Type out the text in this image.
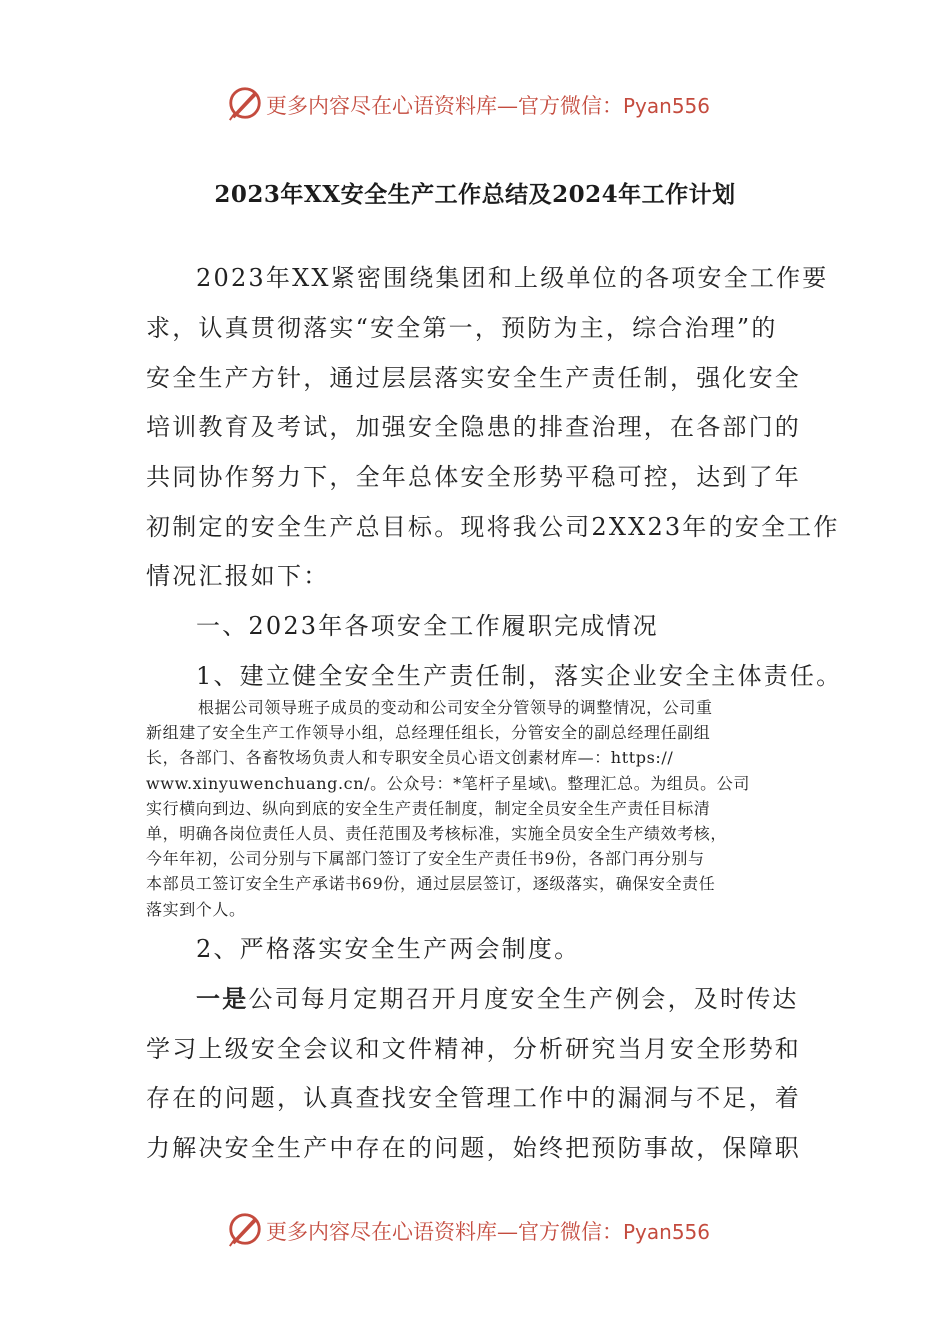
更多内容尽在心语资料库—官方微信：Pyan556
2023年XX安全生产工作总结及2024年工作计划
2023年XX紧密围绕集团和上级单位的各项安全工作要
求，认真贯彻落实“安全第一，预防为主，综合治理”的
安全生产方针，通过层层落实安全生产责任制，强化安全
培训教育及考试，加强安全隐患的排查治理，在各部门的
共同协作努力下，全年总体安全形势平稳可控，达到了年
初制定的安全生产总目标。现将我公司2XX23年的安全工作
情况汇报如下：
一、2023年各项安全工作履职完成情况
1、建立健全安全生产责任制，落实企业安全主体责任。
根据公司领导班子成员的变动和公司安全分管领导的调整情况，公司重
新组建了安全生产工作领导小组，总经理任组长，分管安全的副总经理任副组
长，各部门、各畜牧场负责人和专职安全员心语文创素材库—：https://
www.xinyuwenchuang.cn/。公众号：*笔杆子星域\。整理汇总。为组员。公司
实行横向到边、纵向到底的安全生产责任制度，制定全员安全生产责任目标清
单，明确各岗位责任人员、责任范围及考核标准，实施全员安全生产绩效考核，
今年年初，公司分别与下属部门签订了安全生产责任书9份，各部门再分别与
本部员工签订安全生产承诺书69份，通过层层签订，逐级落实，确保安全责任
落实到个人。
2、严格落实安全生产两会制度。
一是公司每月定期召开月度安全生产例会，及时传达
学习上级安全会议和文件精神，分析研究当月安全形势和
存在的问题，认真查找安全管理工作中的漏洞与不足，着
力解决安全生产中存在的问题，始终把预防事故，保障职
更多内容尽在心语资料库—官方微信：Pyan556
